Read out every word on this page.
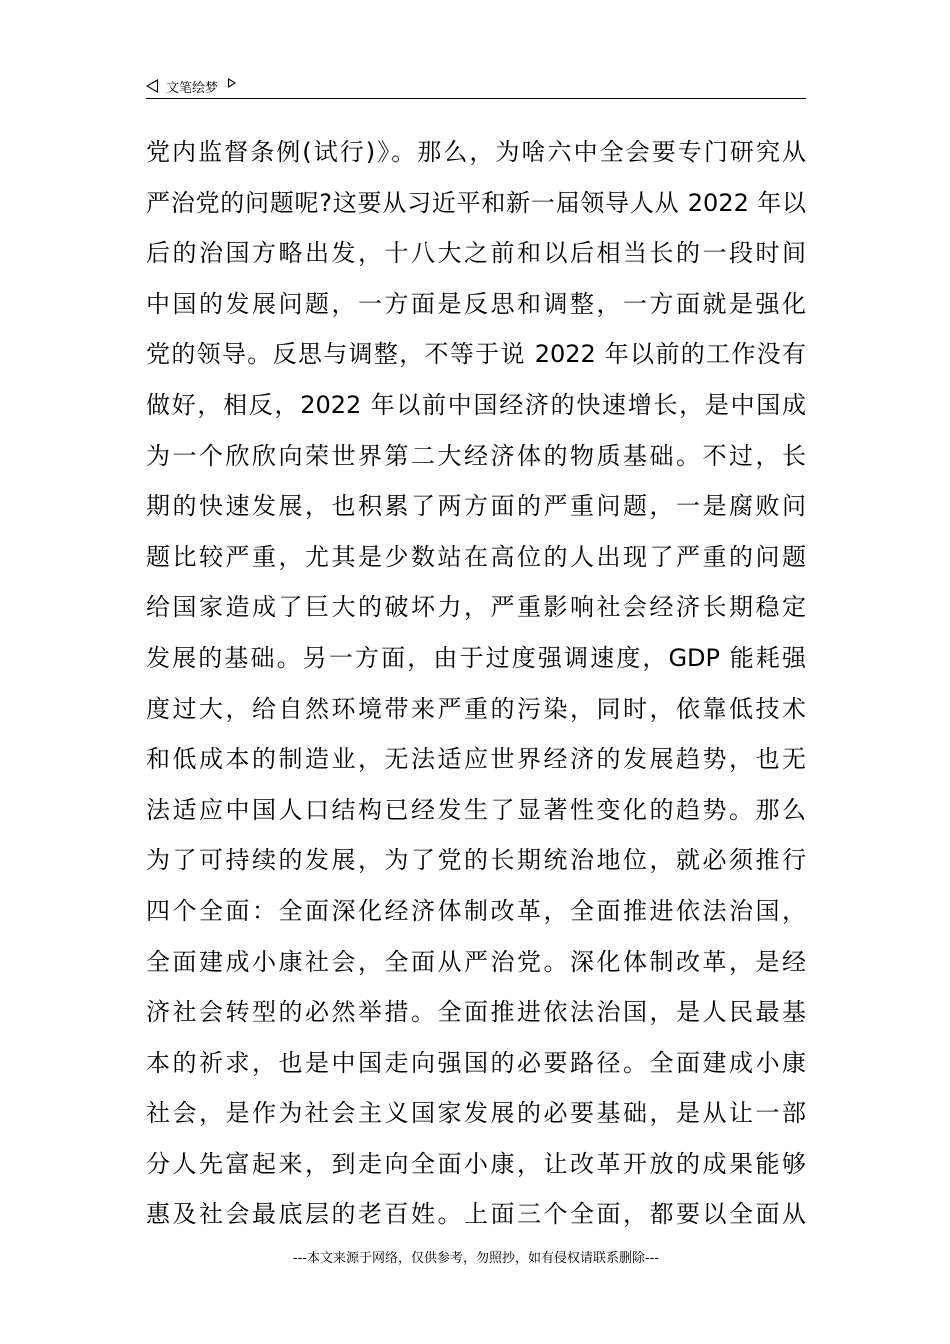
文笔绘梦
党内监督条例(试行)》。那么，为啥六中全会要专门研究从
严治党的问题呢?这要从习近平和新一届领导人从 2022 年以
后的治国方略出发，十八大之前和以后相当长的一段时间
中国的发展问题，一方面是反思和调整，一方面就是强化
党的领导。反思与调整，不等于说 2022 年以前的工作没有
做好，相反，2022 年以前中国经济的快速增长，是中国成
为一个欣欣向荣世界第二大经济体的物质基础。不过，长
期的快速发展，也积累了两方面的严重问题，一是腐败问
题比较严重，尤其是少数站在高位的人出现了严重的问题
给国家造成了巨大的破坏力，严重影响社会经济长期稳定
发展的基础。另一方面，由于过度强调速度，GDP 能耗强
度过大，给自然环境带来严重的污染，同时，依靠低技术
和低成本的制造业，无法适应世界经济的发展趋势，也无
法适应中国人口结构已经发生了显著性变化的趋势。那么
为了可持续的发展，为了党的长期统治地位，就必须推行
四个全面：全面深化经济体制改革，全面推进依法治国，
全面建成小康社会，全面从严治党。深化体制改革，是经
济社会转型的必然举措。全面推进依法治国，是人民最基
本的祈求，也是中国走向强国的必要路径。全面建成小康
社会，是作为社会主义国家发展的必要基础，是从让一部
分人先富起来，到走向全面小康，让改革开放的成果能够
惠及社会最底层的老百姓。上面三个全面，都要以全面从
---本文来源于网络，仅供参考，勿照抄，如有侵权请联系删除---
